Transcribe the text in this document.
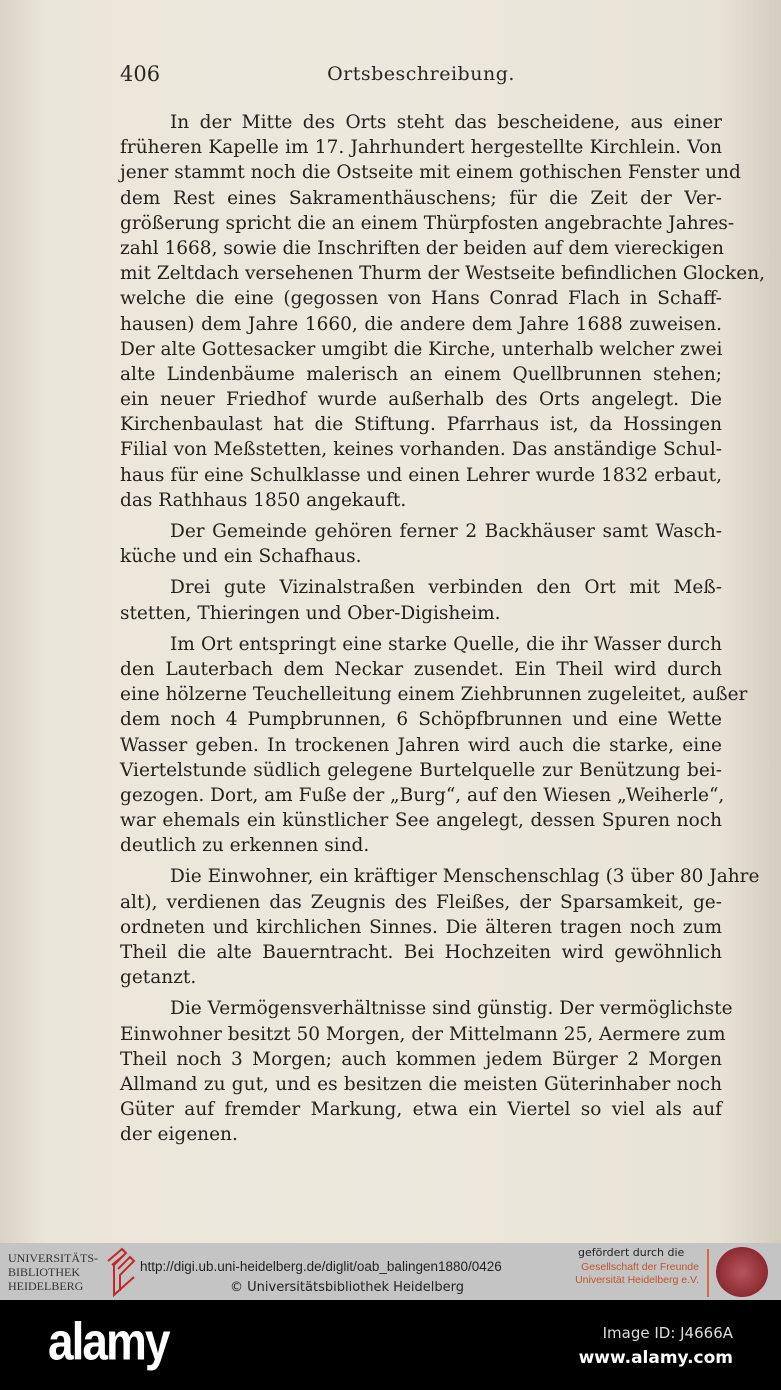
406	Ortsbeschreibung.
In der Mitte des Orts steht das bescheidene, aus einer
früheren Kapelle im 17. Jahrhundert hergestellte Kirchlein. Von
jener stammt noch die Ostseite mit einem gothischen Fenster und
dem Rest eines Sakramenthäuschens; für die Zeit der Ver-
größerung spricht die an einem Thürpfosten angebrachte Jahres-
zahl 1668, sowie die Inschriften der beiden auf dem viereckigen
mit Zeltdach versehenen Thurm der Westseite befindlichen Glocken,
welche die eine (gegossen von Hans Conrad Flach in Schaff-
hausen) dem Jahre 1660, die andere dem Jahre 1688 zuweisen.
Der alte Gottesacker umgibt die Kirche, unterhalb welcher zwei
alte Lindenbäume malerisch an einem Quellbrunnen stehen;
ein neuer Friedhof wurde außerhalb des Orts angelegt. Die
Kirchenbaulast hat die Stiftung. Pfarrhaus ist, da Hossingen
Filial von Meßstetten, keines vorhanden. Das anständige Schul-
haus für eine Schulklasse und einen Lehrer wurde 1832 erbaut,
das Rathhaus 1850 angekauft.
Der Gemeinde gehören ferner 2 Backhäuser samt Wasch-
küche und ein Schafhaus.
Drei gute Vizinalstraßen verbinden den Ort mit Meß-
stetten, Thieringen und Ober-Digisheim.
Im Ort entspringt eine starke Quelle, die ihr Wasser durch
den Lauterbach dem Neckar zusendet. Ein Theil wird durch
eine hölzerne Teuchelleitung einem Ziehbrunnen zugeleitet, außer
dem noch 4 Pumpbrunnen, 6 Schöpfbrunnen und eine Wette
Wasser geben. In trockenen Jahren wird auch die starke, eine
Viertelstunde südlich gelegene Burtelquelle zur Benützung bei-
gezogen. Dort, am Fuße der „Burg“, auf den Wiesen „Weiherle“,
war ehemals ein künstlicher See angelegt, dessen Spuren noch
deutlich zu erkennen sind.
Die Einwohner, ein kräftiger Menschenschlag (3 über 80 Jahre
alt), verdienen das Zeugnis des Fleißes, der Sparsamkeit, ge-
ordneten und kirchlichen Sinnes. Die älteren tragen noch zum
Theil die alte Bauerntracht. Bei Hochzeiten wird gewöhnlich
getanzt.
Die Vermögensverhältnisse sind günstig. Der vermöglichste
Einwohner besitzt 50 Morgen, der Mittelmann 25, Aermere zum
Theil noch 3 Morgen; auch kommen jedem Bürger 2 Morgen
Allmand zu gut, und es besitzen die meisten Güterinhaber noch
Güter auf fremder Markung, etwa ein Viertel so viel als auf
der eigenen.
UNIVERSITÄTS-
BIBLIOTHEK
HEIDELBERG
http://digi.ub.uni-heidelberg.de/diglit/oab_balingen1880/0426
© Universitätsbibliothek Heidelberg
gefördert durch die
Gesellschaft der Freunde
Universität Heidelberg e.V.
alamy	Image ID: J4666A
www.alamy.com
